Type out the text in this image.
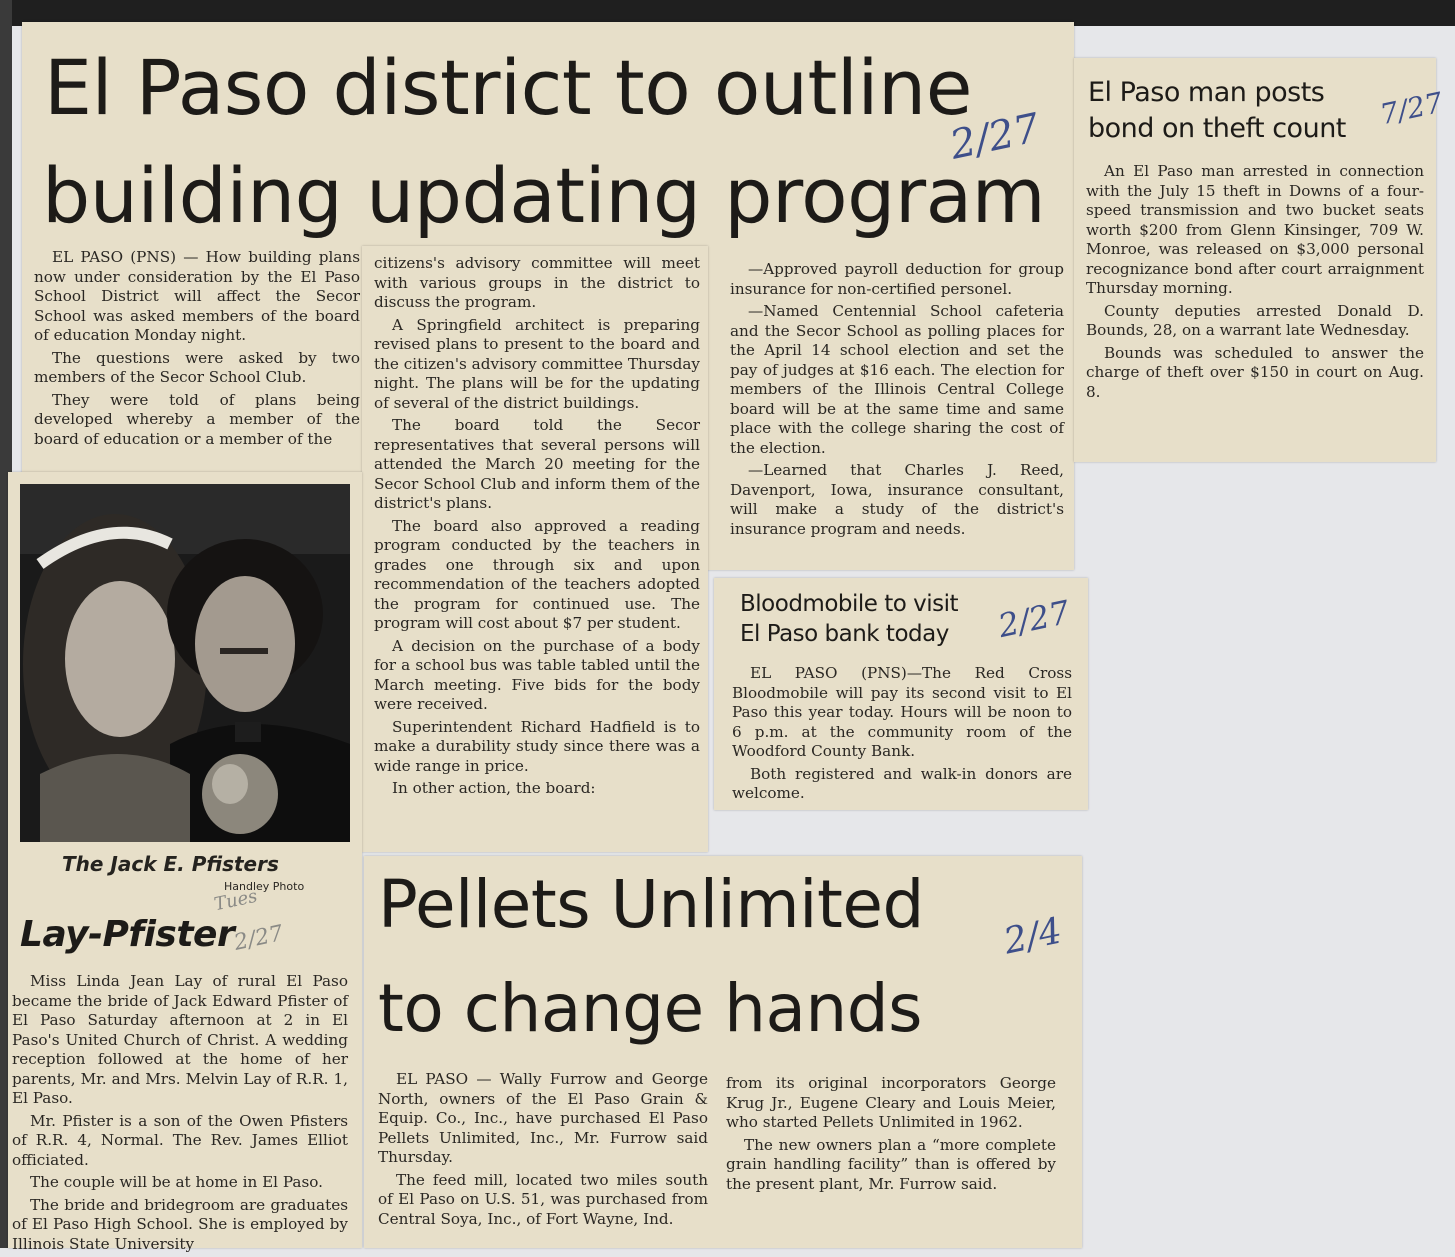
El Paso district to outline
building updating program
2/27

EL PASO (PNS) — How building plans now under consideration by the El Paso School District will affect the Secor School was asked members of the board of education Monday night.

The questions were asked by two members of the Secor School Club.

They were told of plans being developed whereby a member of the board of education or a member of the

—Approved payroll deduction for group insurance for non-certified personel.

—Named Centennial School cafeteria and the Secor School as polling places for the April 14 school election and set the pay of judges at $16 each. The election for members of the Illinois Central College board will be at the same time and same place with the college sharing the cost of the election.

—Learned that Charles J. Reed, Davenport, Iowa, insurance consultant, will make a study of the district's insurance program and needs.

citizens's advisory committee will meet with various groups in the district to discuss the program.

A Springfield architect is preparing revised plans to present to the board and the citizen's advisory committee Thursday night. The plans will be for the updating of several of the district buildings.

The board told the Secor representatives that several persons will attended the March 20 meeting for the Secor School Club and inform them of the district's plans.

The board also approved a reading program conducted by the teachers in grades one through six and upon recommendation of the teachers adopted the program for continued use. The program will cost about $7 per student.

A decision on the purchase of a body for a school bus was table tabled until the March meeting. Five bids for the body were received.

Superintendent Richard Hadfield is to make a durability study since there was a wide range in price.

In other action, the board:

El Paso man posts
bond on theft count 7/27

An El Paso man arrested in connection with the July 15 theft in Downs of a four-speed transmission and two bucket seats worth $200 from Glenn Kinsinger, 709 W. Monroe, was released on $3,000 personal recognizance bond after court arraignment Thursday morning.

County deputies arrested Donald D. Bounds, 28, on a warrant late Wednesday.

Bounds was scheduled to answer the charge of theft over $150 in court on Aug. 8.

Bloodmobile to visit
El Paso bank today 2/27

EL PASO (PNS)—The Red Cross Bloodmobile will pay its second visit to El Paso this year today. Hours will be noon to 6 p.m. at the community room of the Woodford County Bank.

Both registered and walk-in donors are welcome.

The Jack E. Pfisters
Handley Photo
Tues
Lay-Pfister
2/27

Miss Linda Jean Lay of rural El Paso became the bride of Jack Edward Pfister of El Paso Saturday afternoon at 2 in El Paso's United Church of Christ. A wedding reception followed at the home of her parents, Mr. and Mrs. Melvin Lay of R.R. 1, El Paso.

Mr. Pfister is a son of the Owen Pfisters of R.R. 4, Normal. The Rev. James Elliot officiated.

The couple will be at home in El Paso.

The bride and bridegroom are graduates of El Paso High School. She is employed by Illinois State University

Pellets Unlimited
to change hands
2/4

EL PASO — Wally Furrow and George North, owners of the El Paso Grain & Equip. Co., Inc., have purchased El Paso Pellets Unlimited, Inc., Mr. Furrow said Thursday.

The feed mill, located two miles south of El Paso on U.S. 51, was purchased from Central Soya, Inc., of Fort Wayne, Ind.

from its original incorporators George Krug Jr., Eugene Cleary and Louis Meier, who started Pellets Unlimited in 1962.

The new owners plan a “more complete grain handling facility” than is offered by the present plant, Mr. Furrow said.
